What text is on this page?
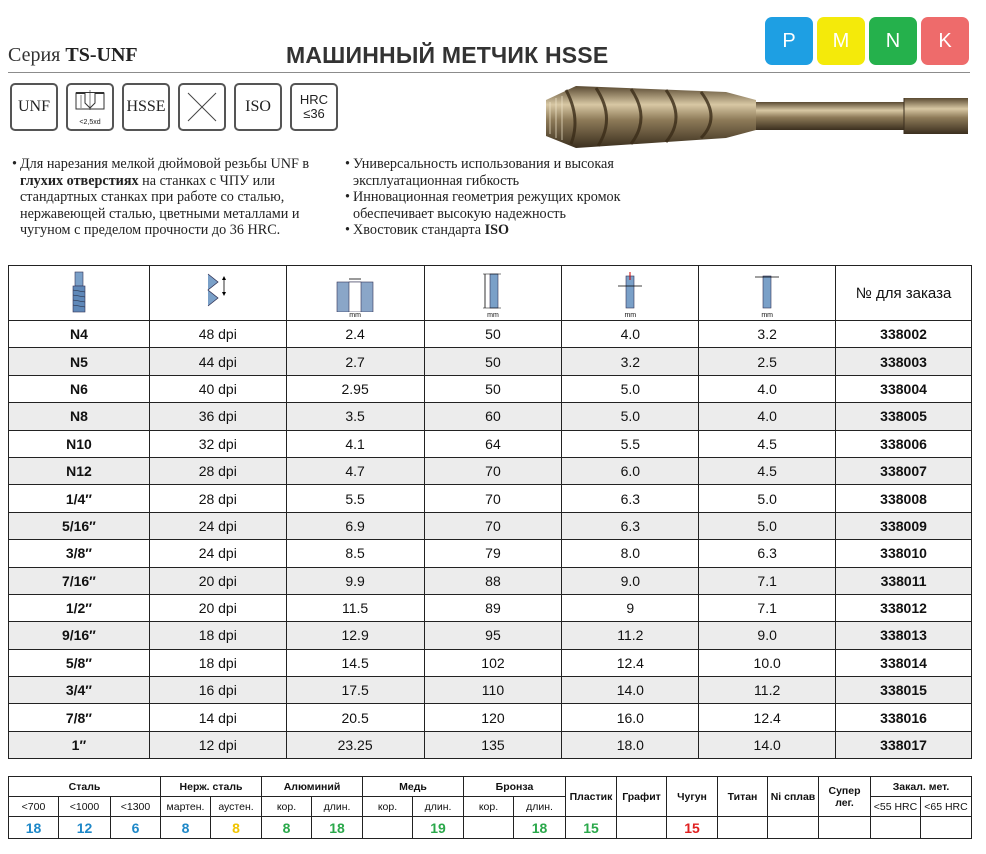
Серия TS-UNF	МАШИННЫЙ МЕТЧИК HSSE
P	M	N	K
UNF
<2,5xd
HSSE	ISO	HRC
≤36
• Для нарезания мелкой дюймовой резьбы UNF в глухих отверстиях на станках с ЧПУ или стандартных станках при работе со сталью, нержавеющей сталью, цветными металлами и чугуном с пределом прочности до 36 HRC.
• Универсальность использования и высокая эксплуатационная гибкость
• Инновационная геометрия режущих кромок обеспечивает высокую надежность
• Хвостовик стандарта ISO

mm	mm	mm	mm	№ для заказа
N4	48 dpi	2.4	50	4.0	3.2	338002
N5	44 dpi	2.7	50	3.2	2.5	338003
N6	40 dpi	2.95	50	5.0	4.0	338004
N8	36 dpi	3.5	60	5.0	4.0	338005
N10	32 dpi	4.1	64	5.5	4.5	338006
N12	28 dpi	4.7	70	6.0	4.5	338007
1/4″	28 dpi	5.5	70	6.3	5.0	338008
5/16″	24 dpi	6.9	70	6.3	5.0	338009
3/8″	24 dpi	8.5	79	8.0	6.3	338010
7/16″	20 dpi	9.9	88	9.0	7.1	338011
1/2″	20 dpi	11.5	89	9	7.1	338012
9/16″	18 dpi	12.9	95	11.2	9.0	338013
5/8″	18 dpi	14.5	102	12.4	10.0	338014
3/4″	16 dpi	17.5	110	14.0	11.2	338015
7/8″	14 dpi	20.5	120	16.0	12.4	338016
1″	12 dpi	23.25	135	18.0	14.0	338017
Сталь			Нерж. сталь		Алюминий		Медь		Бронза		Пластик	Графит	Чугун	Титан	Ni сплав	Супер лег.	Закал. мет.	
<700	<1000	<1300	мартен.	аустен.	кор.	длин.	кор.	длин.	кор.	длин.							<55 HRC	<65 HRC
18	12	6	8	8	8	18		19		18	15		15					
